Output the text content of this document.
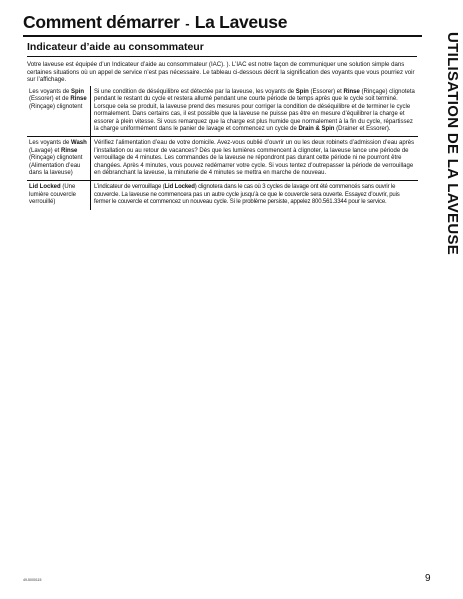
Comment démarrer - La Laveuse
UTILISATION DE LA LAVEUSE
Indicateur d’aide au consommateur

Votre laveuse est équipée d’un Indicateur d’aide au consommateur (IAC). ). L’IAC est notre façon de communiquer une solution simple dans certaines situations où un appel de service n’est pas nécessaire. Le tableau ci-dessous décrit la signification des voyants que vous pourriez voir sur l’affichage.

Les voyants de Spin (Essorer) et de Rinse (Rinçage) clignotent	Si une condition de déséquilibre est détectée par la laveuse, les voyants de Spin (Essorer) et Rinse (Rinçage) clignoteta pendant le restant du cycle et restera allumé pendant une courte période de temps après que le cycle soit terminé. Lorsque cela se produit, la laveuse prend des mesures pour corriger la condition de déséquilibre et de terminer le cycle normalement. Dans certains cas, il est possible que la laveuse ne puisse pas être en mesure d’équilibrer la charge et essorer à plein vitesse. Si vous remarquez que la charge est plus humide que normalement à la fin du cycle, répartissez la charge uniformément dans le panier de lavage et commencez un cycle de Drain & Spin (Drainer et Essorer).
Les voyants de Wash (Lavage) et Rinse (Rinçage) clignotent (Alimentation d’eau dans la laveuse)	Vérifiez l’alimentation d’eau de votre domicile. Avez-vous oublié d’ouvrir un ou les deux robinets d’admission d’eau après l’installation ou au retour de vacances? Dès que les lumières commencent à clignoter, la laveuse lance une période de verrouillage de 4 minutes. Les commandes de la laveuse ne répondront pas durant cette période ni ne pourront être changées. Après 4 minutes, vous pouvez redémarrer votre cycle. Si vous tentez d’outrepasser la période de verrouillage en débranchant la laveuse, la minuterie de 4 minutes se mettra en marche de nouveau.
Lid Locked (Une lumière couvercle verrouillé)	L’indicateur de verrouillage (Lid Locked) clignotera dans le cas où 3 cycles de lavage ont été commencés sans ouvrir le couvercle. La laveuse ne commencera pas un autre cycle jusqu’à ce que le couvercle sera ouverte. Essayez d’ouvrir, puis fermer le couvercle et commencez un nouveau cycle. Si le problème persiste, appelez 800.561.3344 pour le service.
49-5000115	9
